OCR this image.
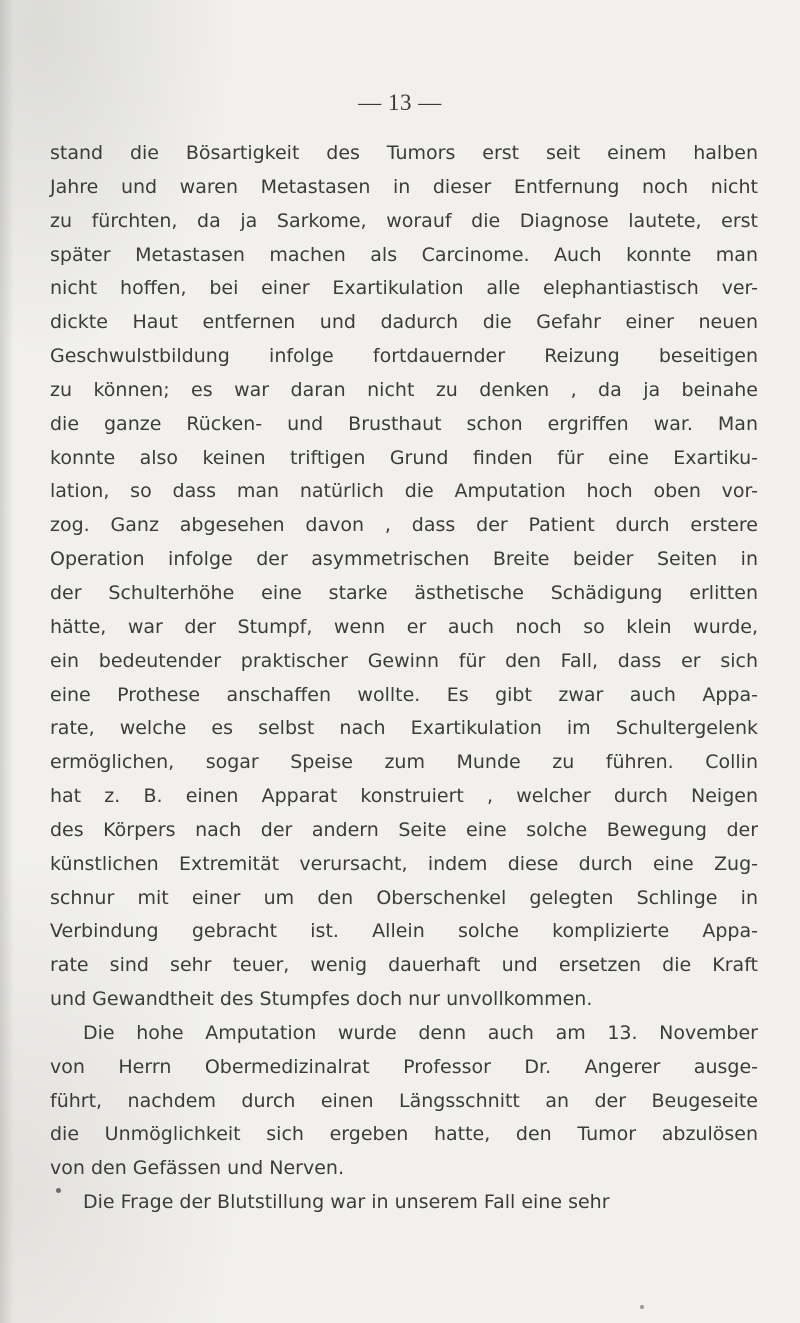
— 13 —
stand die Bösartigkeit des Tumors erst seit einem halben
Jahre und waren Metastasen in dieser Entfernung noch nicht
zu fürchten, da ja Sarkome, worauf die Diagnose lautete, erst
später Metastasen machen als Carcinome. Auch konnte man
nicht hoffen, bei einer Exartikulation alle elephantiastisch ver-
dickte Haut entfernen und dadurch die Gefahr einer neuen
Geschwulstbildung infolge fortdauernder Reizung beseitigen
zu können; es war daran nicht zu denken , da ja beinahe
die ganze Rücken- und Brusthaut schon ergriffen war. Man
konnte also keinen triftigen Grund finden für eine Exartiku-
lation, so dass man natürlich die Amputation hoch oben vor-
zog. Ganz abgesehen davon , dass der Patient durch erstere
Operation infolge der asymmetrischen Breite beider Seiten in
der Schulterhöhe eine starke ästhetische Schädigung erlitten
hätte, war der Stumpf, wenn er auch noch so klein wurde,
ein bedeutender praktischer Gewinn für den Fall, dass er sich
eine Prothese anschaffen wollte. Es gibt zwar auch Appa-
rate, welche es selbst nach Exartikulation im Schultergelenk
ermöglichen, sogar Speise zum Munde zu führen. Collin
hat z. B. einen Apparat konstruiert , welcher durch Neigen
des Körpers nach der andern Seite eine solche Bewegung der
künstlichen Extremität verursacht, indem diese durch eine Zug-
schnur mit einer um den Oberschenkel gelegten Schlinge in
Verbindung gebracht ist. Allein solche komplizierte Appa-
rate sind sehr teuer, wenig dauerhaft und ersetzen die Kraft
und Gewandtheit des Stumpfes doch nur unvollkommen.
Die hohe Amputation wurde denn auch am 13. November
von Herrn Obermedizinalrat Professor Dr. Angerer ausge-
führt, nachdem durch einen Längsschnitt an der Beugeseite
die Unmöglichkeit sich ergeben hatte, den Tumor abzulösen
von den Gefässen und Nerven.
Die Frage der Blutstillung war in unserem Fall eine sehr
